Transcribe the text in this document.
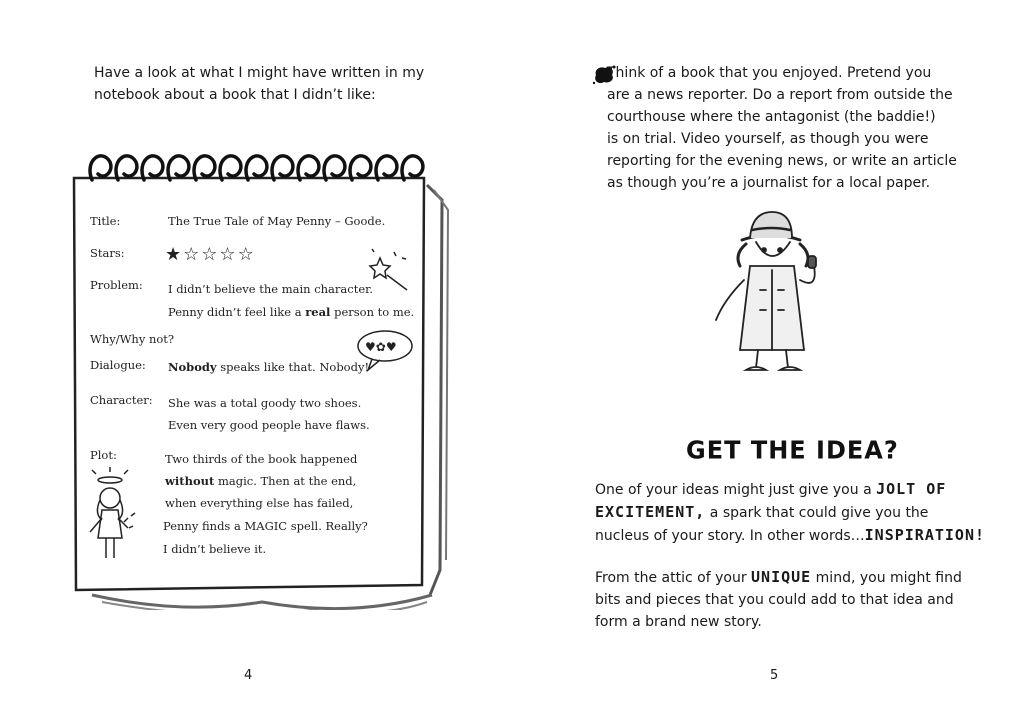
Have a look at what I might have written in my
notebook about a book that I didn’t like:
♥✿♥
Title:	The True Tale of May Penny – Goode.
Stars: ★☆☆☆☆
Problem: I didn’t believe the main character.
Penny didn’t feel like a real person to me.
Why/Why not?
Dialogue: Nobody speaks like that. Nobody!
Character: She was a total goody two shoes.
Even very good people have flaws.
Plot:	Two thirds of the book happened
without magic. Then at the end,
when everything else has failed,
Penny finds a MAGIC spell. Really?
I didn’t believe it.
4
Think of a book that you enjoyed. Pretend you
are a news reporter. Do a report from outside the
courthouse where the antagonist (the baddie!)
is on trial. Video yourself, as though you were
reporting for the evening news, or write an article
as though you’re a journalist for a local paper.
GET THE IDEA?
One of your ideas might just give you a JOLT OF
EXCITEMENT, a spark that could give you the
nucleus of your story. In other words…INSPIRATION!
From the attic of your UNIQUE mind, you might find
bits and pieces that you could add to that idea and
form a brand new story.
5
